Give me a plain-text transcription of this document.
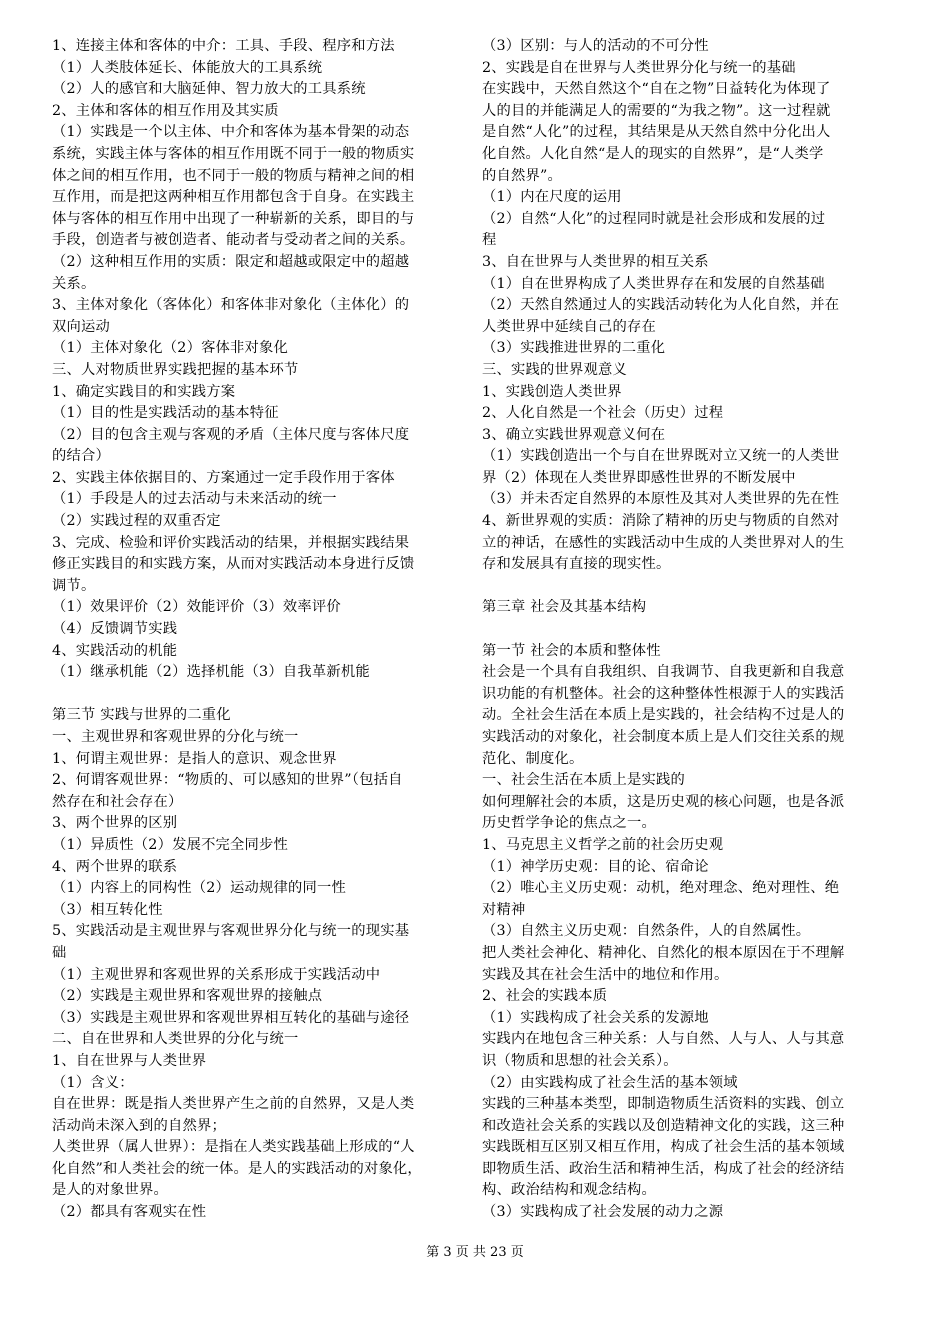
1、连接主体和客体的中介：工具、手段、程序和方法
（1）人类肢体延长、体能放大的工具系统
（2）人的感官和大脑延伸、智力放大的工具系统
2、主体和客体的相互作用及其实质
（1）实践是一个以主体、中介和客体为基本骨架的动态
系统，实践主体与客体的相互作用既不同于一般的物质实
体之间的相互作用，也不同于一般的物质与精神之间的相
互作用，而是把这两种相互作用都包含于自身。在实践主
体与客体的相互作用中出现了一种崭新的关系，即目的与
手段，创造者与被创造者、能动者与受动者之间的关系。
（2）这种相互作用的实质：限定和超越或限定中的超越
关系。
3、主体对象化（客体化）和客体非对象化（主体化）的
双向运动
（1）主体对象化（2）客体非对象化
三、人对物质世界实践把握的基本环节
1、确定实践目的和实践方案
（1）目的性是实践活动的基本特征
（2）目的包含主观与客观的矛盾（主体尺度与客体尺度
的结合）
2、实践主体依据目的、方案通过一定手段作用于客体
（1）手段是人的过去活动与未来活动的统一
（2）实践过程的双重否定
3、完成、检验和评价实践活动的结果，并根据实践结果
修正实践目的和实践方案，从而对实践活动本身进行反馈
调节。
（1）效果评价（2）效能评价（3）效率评价
（4）反馈调节实践
4、实践活动的机能
（1）继承机能（2）选择机能（3）自我革新机能
第三节 实践与世界的二重化
一、主观世界和客观世界的分化与统一
1、何谓主观世界：是指人的意识、观念世界
2、何谓客观世界：“物质的、可以感知的世界”（包括自
然存在和社会存在）
3、两个世界的区别
（1）异质性（2）发展不完全同步性
4、两个世界的联系
（1）内容上的同构性（2）运动规律的同一性
（3）相互转化性
5、实践活动是主观世界与客观世界分化与统一的现实基
础
（1）主观世界和客观世界的关系形成于实践活动中
（2）实践是主观世界和客观世界的接触点
（3）实践是主观世界和客观世界相互转化的基础与途径
二、自在世界和人类世界的分化与统一
1、自在世界与人类世界
（1）含义：
自在世界：既是指人类世界产生之前的自然界，又是人类
活动尚未深入到的自然界；
人类世界（属人世界）：是指在人类实践基础上形成的“人
化自然”和人类社会的统一体。是人的实践活动的对象化，
是人的对象世界。
（2）都具有客观实在性
（3）区别：与人的活动的不可分性
2、实践是自在世界与人类世界分化与统一的基础
在实践中，天然自然这个“自在之物”日益转化为体现了
人的目的并能满足人的需要的“为我之物”。这一过程就
是自然“人化”的过程，其结果是从天然自然中分化出人
化自然。人化自然“是人的现实的自然界”，是“人类学
的自然界”。
（1）内在尺度的运用
（2）自然“人化”的过程同时就是社会形成和发展的过
程
3、自在世界与人类世界的相互关系
（1）自在世界构成了人类世界存在和发展的自然基础
（2）天然自然通过人的实践活动转化为人化自然，并在
人类世界中延续自己的存在
（3）实践推进世界的二重化
三、实践的世界观意义
1、实践创造人类世界
2、人化自然是一个社会（历史）过程
3、确立实践世界观意义何在
（1）实践创造出一个与自在世界既对立又统一的人类世
界（2）体现在人类世界即感性世界的不断发展中
（3）并未否定自然界的本原性及其对人类世界的先在性
4、新世界观的实质：消除了精神的历史与物质的自然对
立的神话，在感性的实践活动中生成的人类世界对人的生
存和发展具有直接的现实性。
第三章 社会及其基本结构
第一节 社会的本质和整体性
社会是一个具有自我组织、自我调节、自我更新和自我意
识功能的有机整体。社会的这种整体性根源于人的实践活
动。全社会生活在本质上是实践的，社会结构不过是人的
实践活动的对象化，社会制度本质上是人们交往关系的规
范化、制度化。
一、社会生活在本质上是实践的
如何理解社会的本质，这是历史观的核心问题，也是各派
历史哲学争论的焦点之一。
1、马克思主义哲学之前的社会历史观
（1）神学历史观：目的论、宿命论
（2）唯心主义历史观：动机，绝对理念、绝对理性、绝
对精神
（3）自然主义历史观：自然条件，人的自然属性。
把人类社会神化、精神化、自然化的根本原因在于不理解
实践及其在社会生活中的地位和作用。
2、社会的实践本质
（1）实践构成了社会关系的发源地
实践内在地包含三种关系：人与自然、人与人、人与其意
识（物质和思想的社会关系）。
（2）由实践构成了社会生活的基本领域
实践的三种基本类型，即制造物质生活资料的实践、创立
和改造社会关系的实践以及创造精神文化的实践，这三种
实践既相互区别又相互作用，构成了社会生活的基本领域
即物质生活、政治生活和精神生活，构成了社会的经济结
构、政治结构和观念结构。
（3）实践构成了社会发展的动力之源
第 3 页 共 23 页
